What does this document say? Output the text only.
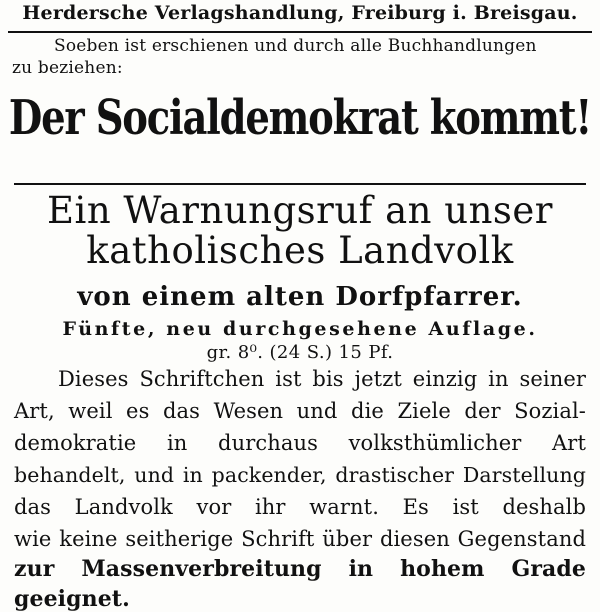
Herdersche Verlagshandlung, Freiburg i. Breisgau.
Soeben ist erschienen und durch alle Buchhandlungen
zu beziehen:
Der Socialdemokrat kommt!
Ein Warnungsruf an unser
katholisches Landvolk
von einem alten Dorfpfarrer.
Fünfte, neu durchgesehene Auflage.
gr. 8⁰. (24 S.) 15 Pf.
Dieses Schriftchen ist bis jetzt einzig in seiner
Art, weil es das Wesen und die Ziele der Sozial-
demokratie in durchaus volksthümlicher Art
behandelt, und in packender, drastischer Darstellung
das Landvolk vor ihr warnt. Es ist deshalb
wie keine seitherige Schrift über diesen Gegenstand
zur Massenverbreitung in hohem Grade
geeignet.
